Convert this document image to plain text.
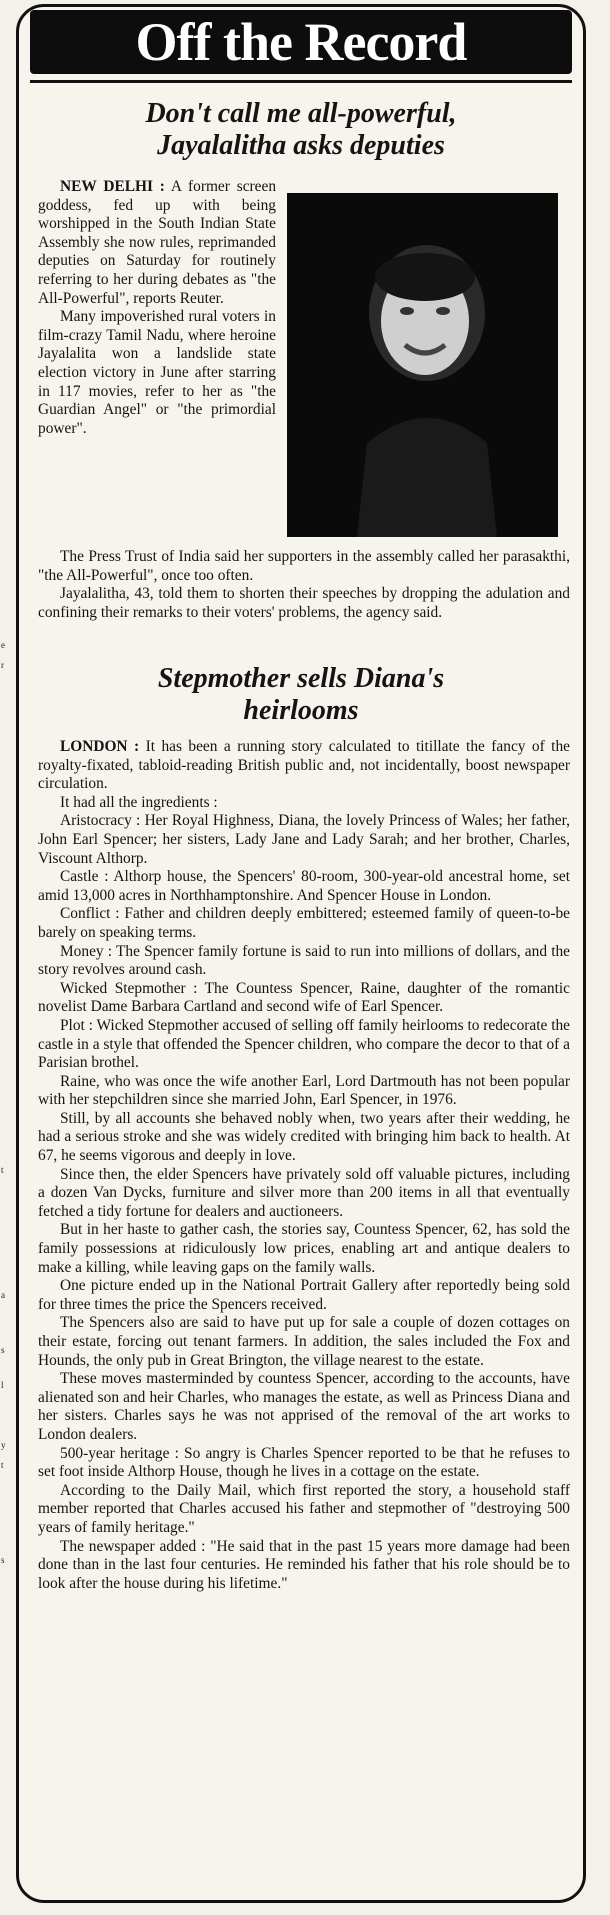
e
r
t
a
s
l
y
t
s
Off the Record
Don't call me all-powerful,
Jayalalitha asks deputies

NEW DELHI : A former screen goddess, fed up with being worshipped in the South Indian State Assembly she now rules, reprimanded deputies on Saturday for routinely referring to her during debates as "the All-Powerful", reports Reuter.

Many impoverished rural voters in film-crazy Tamil Nadu, where heroine Jayalalita won a landslide state election victory in June after starring in 117 movies, refer to her as "the Guardian Angel" or "the primordial power".

The Press Trust of India said her supporters in the assembly called her parasakthi, "the All-Powerful", once too often.

Jayalalitha, 43, told them to shorten their speeches by dropping the adulation and confining their remarks to their voters' problems, the agency said.

Stepmother sells Diana's
heirlooms

LONDON : It has been a running story calculated to titillate the fancy of the royalty-fixated, tabloid-reading British public and, not incidentally, boost newspaper circulation.

It had all the ingredients :

Aristocracy : Her Royal Highness, Diana, the lovely Princess of Wales; her father, John Earl Spencer; her sisters, Lady Jane and Lady Sarah; and her brother, Charles, Viscount Althorp.

Castle : Althorp house, the Spencers' 80-room, 300-year-old ancestral home, set amid 13,000 acres in Northhamptonshire. And Spencer House in London.

Conflict : Father and children deeply embittered; esteemed family of queen-to-be barely on speaking terms.

Money : The Spencer family fortune is said to run into millions of dollars, and the story revolves around cash.

Wicked Stepmother : The Countess Spencer, Raine, daughter of the romantic novelist Dame Barbara Cartland and second wife of Earl Spencer.

Plot : Wicked Stepmother accused of selling off family heirlooms to redecorate the castle in a style that offended the Spencer children, who compare the decor to that of a Parisian brothel.

Raine, who was once the wife another Earl, Lord Dartmouth has not been popular with her stepchildren since she married John, Earl Spencer, in 1976.

Still, by all accounts she behaved nobly when, two years after their wedding, he had a serious stroke and she was widely credited with bringing him back to health. At 67, he seems vigorous and deeply in love.

Since then, the elder Spencers have privately sold off valuable pictures, including a dozen Van Dycks, furniture and silver more than 200 items in all that eventually fetched a tidy fortune for dealers and auctioneers.

But in her haste to gather cash, the stories say, Countess Spencer, 62, has sold the family possessions at ridiculously low prices, enabling art and antique dealers to make a killing, while leaving gaps on the family walls.

One picture ended up in the National Portrait Gallery after reportedly being sold for three times the price the Spencers received.

The Spencers also are said to have put up for sale a couple of dozen cottages on their estate, forcing out tenant farmers. In addition, the sales included the Fox and Hounds, the only pub in Great Brington, the village nearest to the estate.

These moves masterminded by countess Spencer, according to the accounts, have alienated son and heir Charles, who manages the estate, as well as Princess Diana and her sisters. Charles says he was not apprised of the removal of the art works to London dealers.

500-year heritage : So angry is Charles Spencer reported to be that he refuses to set foot inside Althorp House, though he lives in a cottage on the estate.

According to the Daily Mail, which first reported the story, a household staff member reported that Charles accused his father and stepmother of "destroying 500 years of family heritage."

The newspaper added : "He said that in the past 15 years more damage had been done than in the last four centuries. He reminded his father that his role should be to look after the house during his lifetime."
